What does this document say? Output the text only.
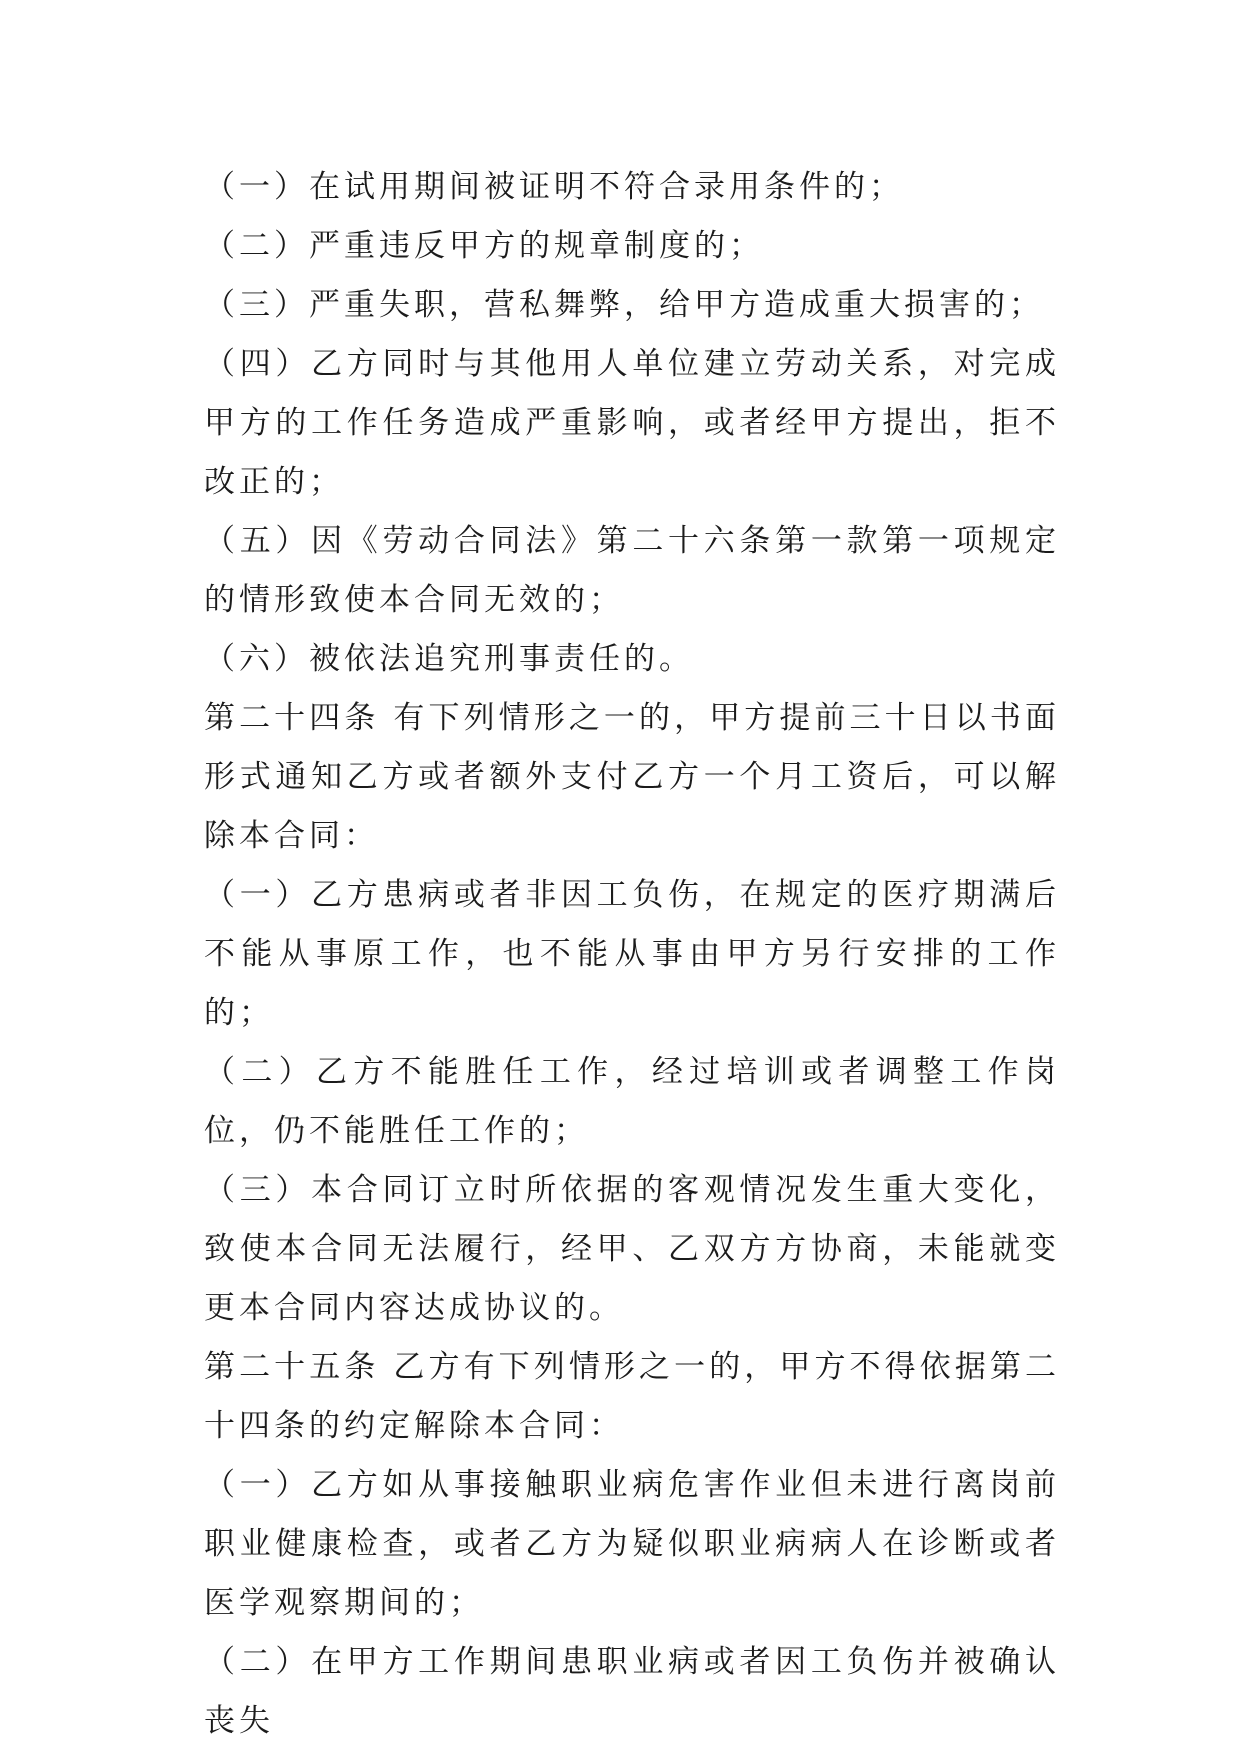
（一）在试用期间被证明不符合录用条件的；

（二）严重违反甲方的规章制度的；

（三）严重失职，营私舞弊，给甲方造成重大损害的；

（四）乙方同时与其他用人单位建立劳动关系，对完成甲方的工作任务造成严重影响，或者经甲方提出，拒不改正的；

（五）因《劳动合同法》第二十六条第一款第一项规定的情形致使本合同无效的；

（六）被依法追究刑事责任的。

第二十四条 有下列情形之一的，甲方提前三十日以书面形式通知乙方或者额外支付乙方一个月工资后，可以解除本合同：

（一）乙方患病或者非因工负伤，在规定的医疗期满后不能从事原工作，也不能从事由甲方另行安排的工作的；

（二）乙方不能胜任工作，经过培训或者调整工作岗位，仍不能胜任工作的；

（三）本合同订立时所依据的客观情况发生重大变化，致使本合同无法履行，经甲、乙双方方协商，未能就变更本合同内容达成协议的。

第二十五条 乙方有下列情形之一的，甲方不得依据第二十四条的约定解除本合同：

（一）乙方如从事接触职业病危害作业但未进行离岗前职业健康检查，或者乙方为疑似职业病病人在诊断或者医学观察期间的；

（二）在甲方工作期间患职业病或者因工负伤并被确认丧失
